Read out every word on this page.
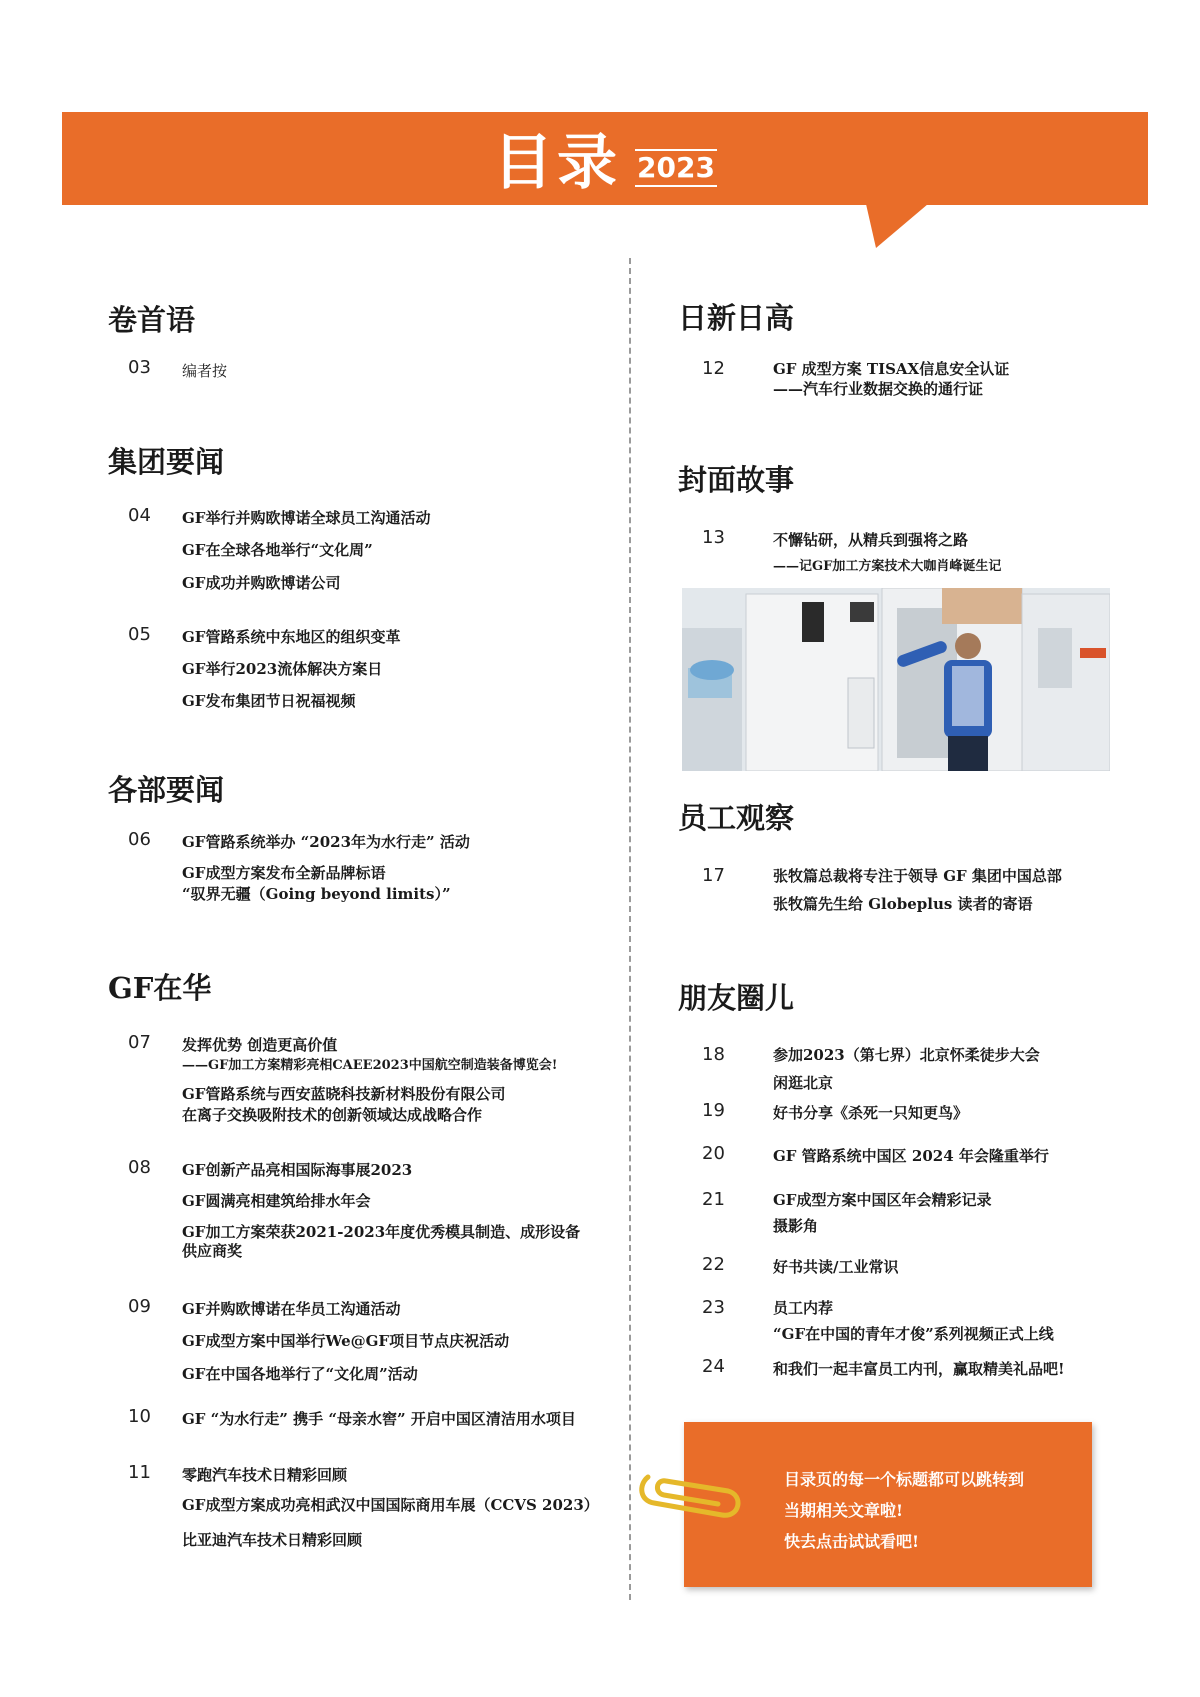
目录 2023
卷首语
03 编者按
集团要闻
04 GF举行并购欧博诺全球员工沟通活动
GF在全球各地举行“文化周”
GF成功并购欧博诺公司
05 GF管路系统中东地区的组织变革
GF举行2023流体解决方案日
GF发布集团节日祝福视频
各部要闻
06 GF管路系统举办 “2023年为水行走” 活动
GF成型方案发布全新品牌标语
“驭界无疆（Going beyond limits）”
GF在华
07 发挥优势 创造更高价值
——GF加工方案精彩亮相CAEE2023中国航空制造装备博览会!
GF管路系统与西安蓝晓科技新材料股份有限公司
在离子交换吸附技术的创新领域达成战略合作
08 GF创新产品亮相国际海事展2023
GF圆满亮相建筑给排水年会
GF加工方案荣获2021-2023年度优秀模具制造、成形设备
供应商奖
09 GF并购欧博诺在华员工沟通活动
GF成型方案中国举行We@GF项目节点庆祝活动
GF在中国各地举行了“文化周”活动
10 GF “为水行走” 携手 “母亲水窖” 开启中国区清洁用水项目
11 零跑汽车技术日精彩回顾
GF成型方案成功亮相武汉中国国际商用车展（CCVS 2023）
比亚迪汽车技术日精彩回顾
日新日高
12	GF 成型方案 TISAX信息安全认证
——汽车行业数据交换的通行证
封面故事
13	不懈钻研，从精兵到强将之路
——记GF加工方案技术大咖肖峰诞生记
员工观察
17	张牧篇总裁将专注于领导 GF 集团中国总部
张牧篇先生给 Globeplus 读者的寄语
朋友圈儿
18	参加2023（第七界）北京怀柔徒步大会
闲逛北京
19	好书分享《杀死一只知更鸟》
20	GF 管路系统中国区 2024 年会隆重举行
21	GF成型方案中国区年会精彩记录
摄影角
22	好书共读/工业常识
23	员工内荐
“GF在中国的青年才俊”系列视频正式上线
24	和我们一起丰富员工内刊，赢取精美礼品吧!
目录页的每一个标题都可以跳转到
当期相关文章啦!
快去点击试试看吧!
